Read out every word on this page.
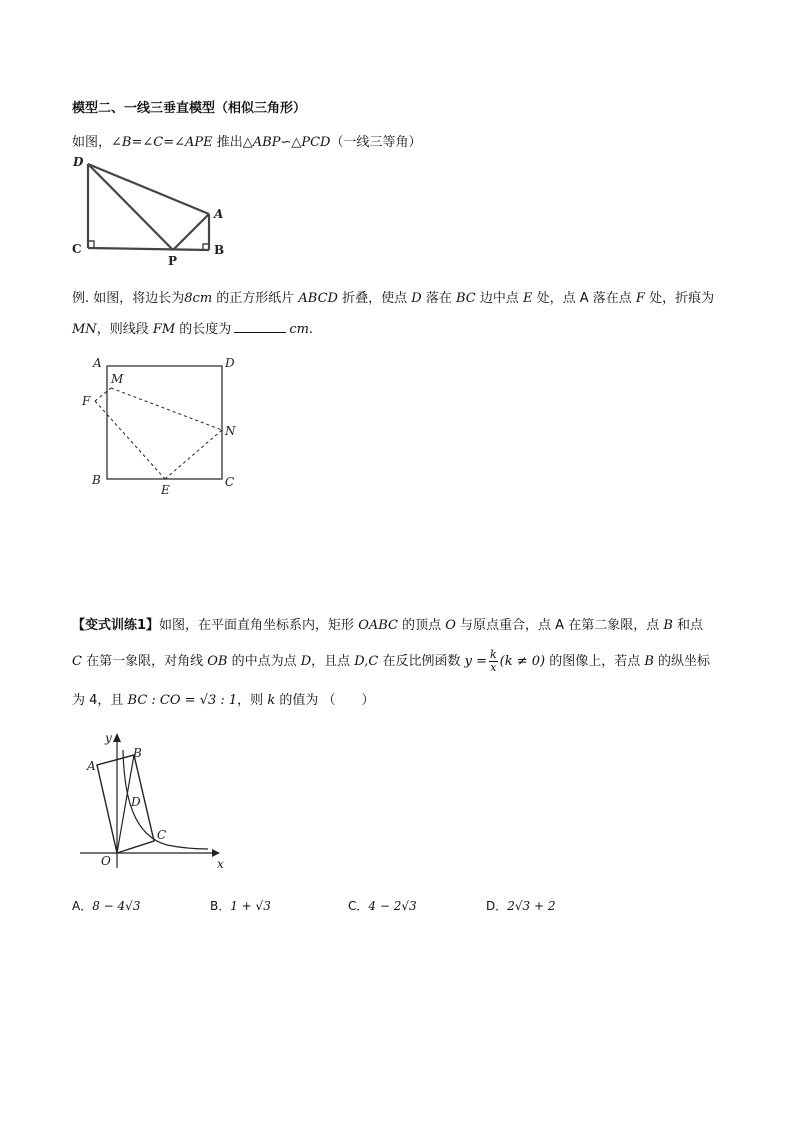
模型二、一线三垂直模型（相似三角形）
如图，∠B=∠C=∠APE 推出△ABP∽△PCD（一线三等角）
D
A
C	B
P
例. 如图，将边长为8cm 的正方形纸片 ABCD 折叠，使点 D 落在 BC 边中点 E 处，点 A 落在点 F 处，折痕为
MN，则线段 FM 的长度为	cm.
A	D
M
F
N
B	C
E
【变式训练1】如图，在平面直角坐标系内，矩形 OABC 的顶点 O 与原点重合，点 A 在第二象限，点 B 和点
C 在第一象限，对角线 OB 的中点为点 D，且点 D,C 在反比例函数 $y = \frac{k}{x} (k \ne 0)$ 的图像上，若点 B 的纵坐标
为 4，且 BC : CO = √3 : 1，则 k 的值为 （　　）
y
x
O
A
B
C
D
A．8 − 4√3	B．1 + √3	C．4 − 2√3	D．2√3 + 2
